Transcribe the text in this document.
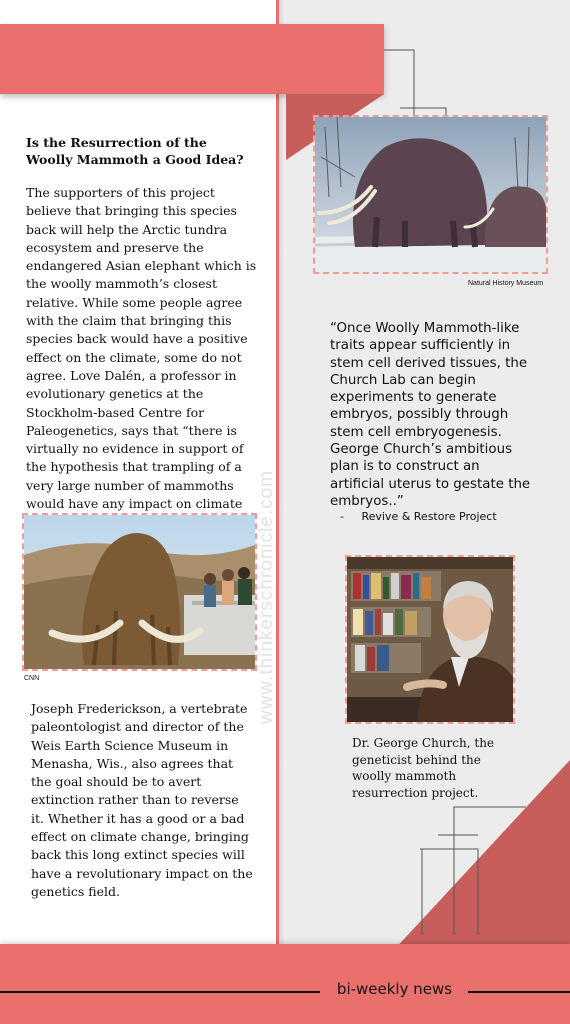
Is the Resurrection of the Woolly Mammoth a Good Idea?
The supporters of this project believe that bringing this species back will help the Arctic tundra ecosystem and preserve the endangered Asian elephant which is the woolly mammoth’s closest relative. While some people agree with the claim that bringing this species back would have a positive effect on the climate, some do not agree. Love Dalén, a professor in evolutionary genetics at the Stockholm-based Centre for Paleogenetics, says that “there is virtually no evidence in support of the hypothesis that trampling of a very large number of mammoths would have any impact on climate
CNN
Joseph Frederickson, a vertebrate paleontologist and director of the Weis Earth Science Museum in Menasha, Wis., also agrees that the goal should be to avert extinction rather than to reverse it. Whether it has a good or a bad effect on climate change, bringing back this long extinct species will have a revolutionary impact on the genetics field.
www.thinkerschronicle.com
Natural History Museum
“Once Woolly Mammoth-like traits appear sufficiently in stem cell derived tissues, the Church Lab can begin experiments to generate embryos, possibly through stem cell embryogenesis. George Church’s ambitious plan is to construct an artificial uterus to gestate the embryos..”
-     Revive & Restore Project
Dr. George Church, the geneticist behind the woolly mammoth resurrection project.
bi-weekly news
